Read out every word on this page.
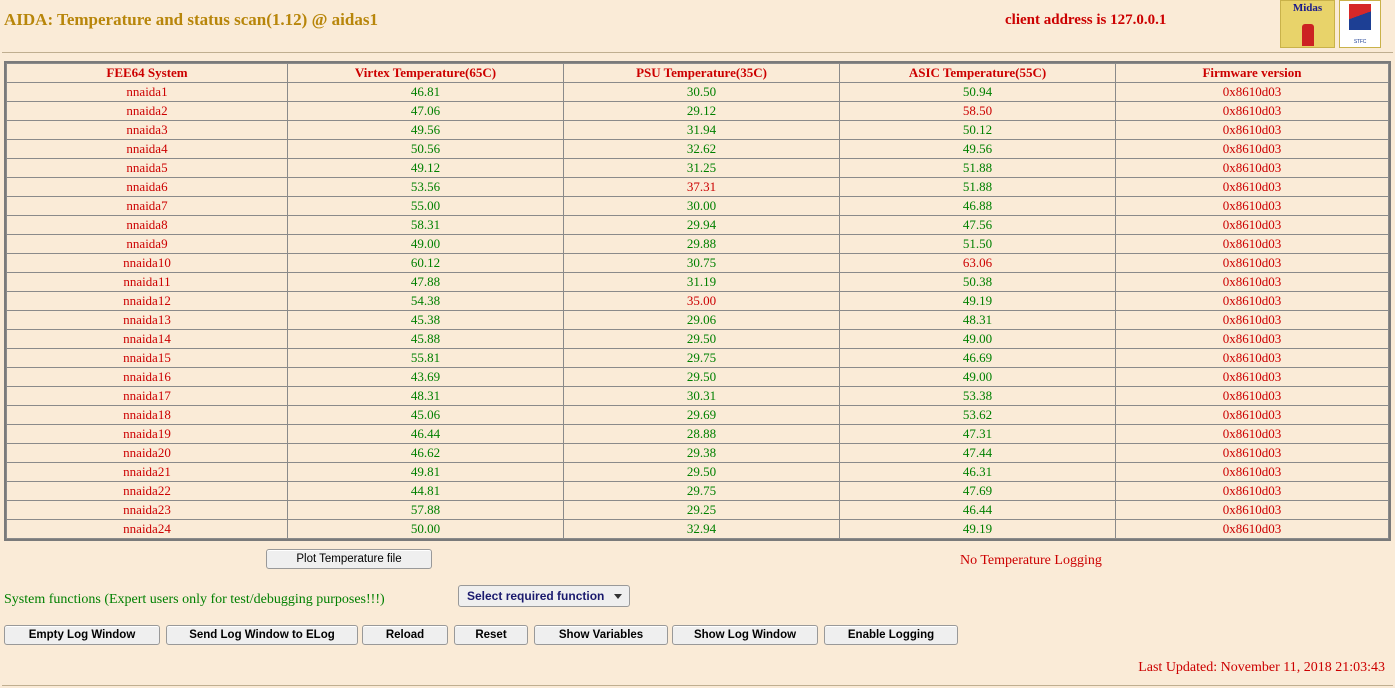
AIDA: Temperature and status scan(1.12) @ aidas1	client address is 127.0.0.1
Midas
STFC
FEE64 System	Virtex Temperature(65C)	PSU Temperature(35C)	ASIC Temperature(55C)	Firmware version
nnaida1	46.81	30.50	50.94	0x8610d03
nnaida2	47.06	29.12	58.50	0x8610d03
nnaida3	49.56	31.94	50.12	0x8610d03
nnaida4	50.56	32.62	49.56	0x8610d03
nnaida5	49.12	31.25	51.88	0x8610d03
nnaida6	53.56	37.31	51.88	0x8610d03
nnaida7	55.00	30.00	46.88	0x8610d03
nnaida8	58.31	29.94	47.56	0x8610d03
nnaida9	49.00	29.88	51.50	0x8610d03
nnaida10	60.12	30.75	63.06	0x8610d03
nnaida11	47.88	31.19	50.38	0x8610d03
nnaida12	54.38	35.00	49.19	0x8610d03
nnaida13	45.38	29.06	48.31	0x8610d03
nnaida14	45.88	29.50	49.00	0x8610d03
nnaida15	55.81	29.75	46.69	0x8610d03
nnaida16	43.69	29.50	49.00	0x8610d03
nnaida17	48.31	30.31	53.38	0x8610d03
nnaida18	45.06	29.69	53.62	0x8610d03
nnaida19	46.44	28.88	47.31	0x8610d03
nnaida20	46.62	29.38	47.44	0x8610d03
nnaida21	49.81	29.50	46.31	0x8610d03
nnaida22	44.81	29.75	47.69	0x8610d03
nnaida23	57.88	29.25	46.44	0x8610d03
nnaida24	50.00	32.94	49.19	0x8610d03
Plot Temperature file	No Temperature Logging
System functions (Expert users only for test/debugging purposes!!!)
Select required function
Empty Log Window	Send Log Window to ELog	Reload	Reset	Show Variables	Show Log Window	Enable Logging
Last Updated: November 11, 2018 21:03:43
